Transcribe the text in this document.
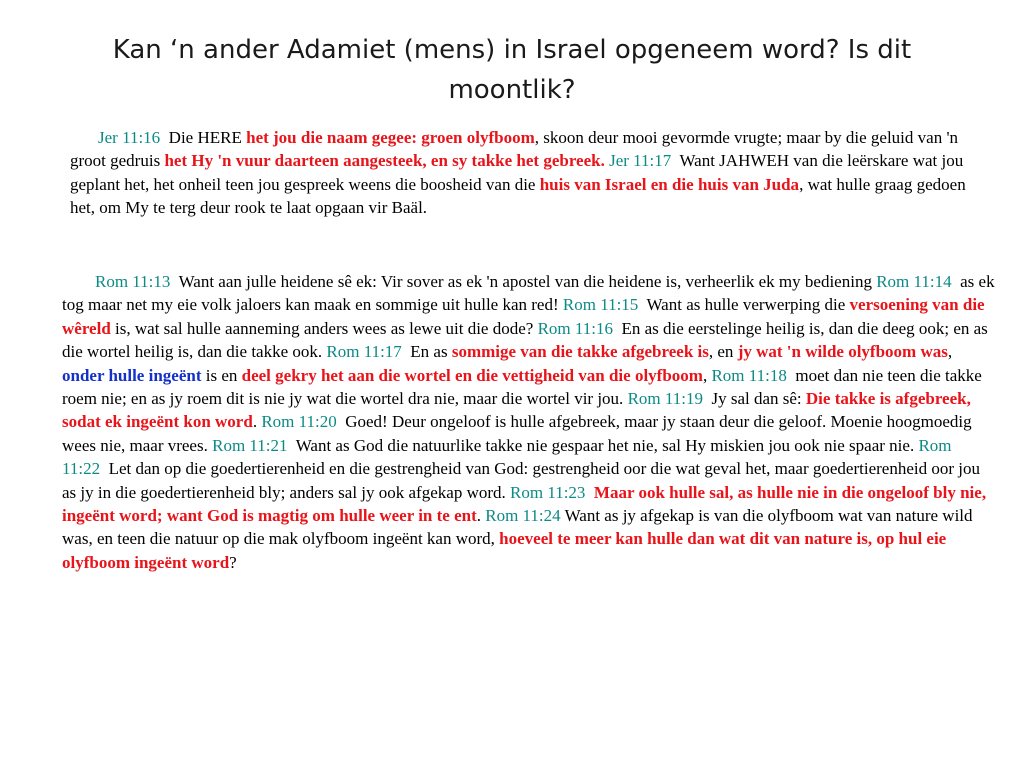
Kan ‘n ander Adamiet (mens) in Israel opgeneem word? Is dit moontlik?

Jer 11:16  Die HERE het jou die naam gegee: groen olyfboom, skoon deur mooi gevormde vrugte; maar by die geluid van 'n groot gedruis het Hy 'n vuur daarteen aangesteek, en sy takke het gebreek. Jer 11:17  Want JAHWEH van die leërskare wat jou geplant het, het onheil teen jou gespreek weens die boosheid van die huis van Israel en die huis van Juda, wat hulle graag gedoen het, om My te terg deur rook te laat opgaan vir Baäl.

Rom 11:13  Want aan julle heidene sê ek: Vir sover as ek 'n apostel van die heidene is, verheerlik ek my bediening Rom 11:14  as ek tog maar net my eie volk jaloers kan maak en sommige uit hulle kan red! Rom 11:15  Want as hulle verwerping die versoening van die wêreld is, wat sal hulle aanneming anders wees as lewe uit die dode? Rom 11:16  En as die eerstelinge heilig is, dan die deeg ook; en as die wortel heilig is, dan die takke ook. Rom 11:17  En as sommige van die takke afgebreek is, en jy wat 'n wilde olyfboom was, onder hulle ingeënt is en deel gekry het aan die wortel en die vettigheid van die olyfboom, Rom 11:18  moet dan nie teen die takke roem nie; en as jy roem dit is nie jy wat die wortel dra nie, maar die wortel vir jou. Rom 11:19  Jy sal dan sê: Die takke is afgebreek, sodat ek ingeënt kon word. Rom 11:20  Goed! Deur ongeloof is hulle afgebreek, maar jy staan deur die geloof. Moenie hoogmoedig wees nie, maar vrees. Rom 11:21  Want as God die natuurlike takke nie gespaar het nie, sal Hy miskien jou ook nie spaar nie. Rom 11:22  Let dan op die goedertierenheid en die gestrengheid van God: gestrengheid oor die wat geval het, maar goedertierenheid oor jou as jy in die goedertierenheid bly; anders sal jy ook afgekap word. Rom 11:23 Maar ook hulle sal, as hulle nie in die ongeloof bly nie, ingeënt word; want God is magtig om hulle weer in te ent. Rom 11:24 Want as jy afgekap is van die olyfboom wat van nature wild was, en teen die natuur op die mak olyfboom ingeënt kan word, hoeveel te meer kan hulle dan wat dit van nature is, op hul eie olyfboom ingeënt word?
